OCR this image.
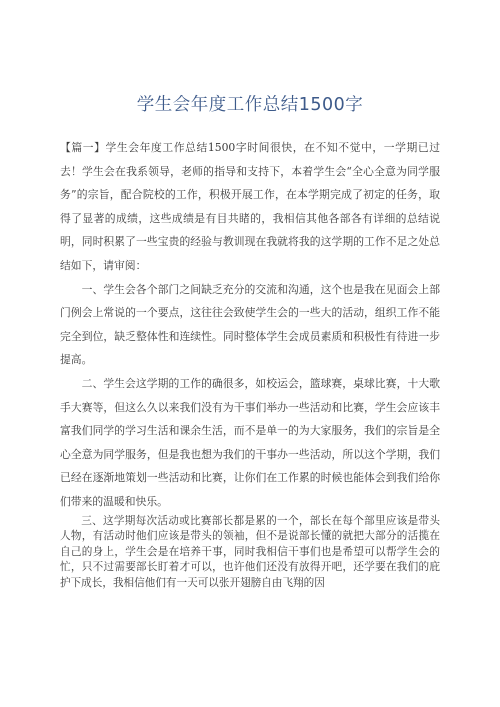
学生会年度工作总结1500字

【篇一】学生会年度工作总结1500字时间很快，在不知不觉中，一学期已过去！学生会在我系领导，老师的指导和支持下，本着学生会“全心全意为同学服务”的宗旨，配合院校的工作，积极开展工作，在本学期完成了初定的任务，取得了显著的成绩，这些成绩是有目共睹的，我相信其他各部各有详细的总结说明，同时积累了一些宝贵的经验与教训现在我就将我的这学期的工作不足之处总结如下，请审阅：

一、学生会各个部门之间缺乏充分的交流和沟通，这个也是我在见面会上部门例会上常说的一个要点，这往往会致使学生会的一些大的活动，组织工作不能完全到位，缺乏整体性和连续性。同时整体学生会成员素质和积极性有待进一步提高。

二、学生会这学期的工作的确很多，如校运会，篮球赛，桌球比赛，十大歌手大赛等，但这么久以来我们没有为干事们举办一些活动和比赛，学生会应该丰富我们同学的学习生活和课余生活，而不是单一的为大家服务，我们的宗旨是全心全意为同学服务，但是我也想为我们的干事办一些活动，所以这个学期，我们已经在逐渐地策划一些活动和比赛，让你们在工作累的时候也能体会到我们给你们带来的温暖和快乐。

三、这学期每次活动或比赛部长都是累的一个，部长在每个部里应该是带头人物，有活动时他们应该是带头的领袖，但不是说部长懂的就把大部分的活揽在自己的身上，学生会是在培养干事，同时我相信干事们也是希望可以帮学生会的忙，只不过需要部长盯着才可以，也许他们还没有放得开吧，还学要在我们的庇护下成长，我相信他们有一天可以张开翅膀自由飞翔的因
